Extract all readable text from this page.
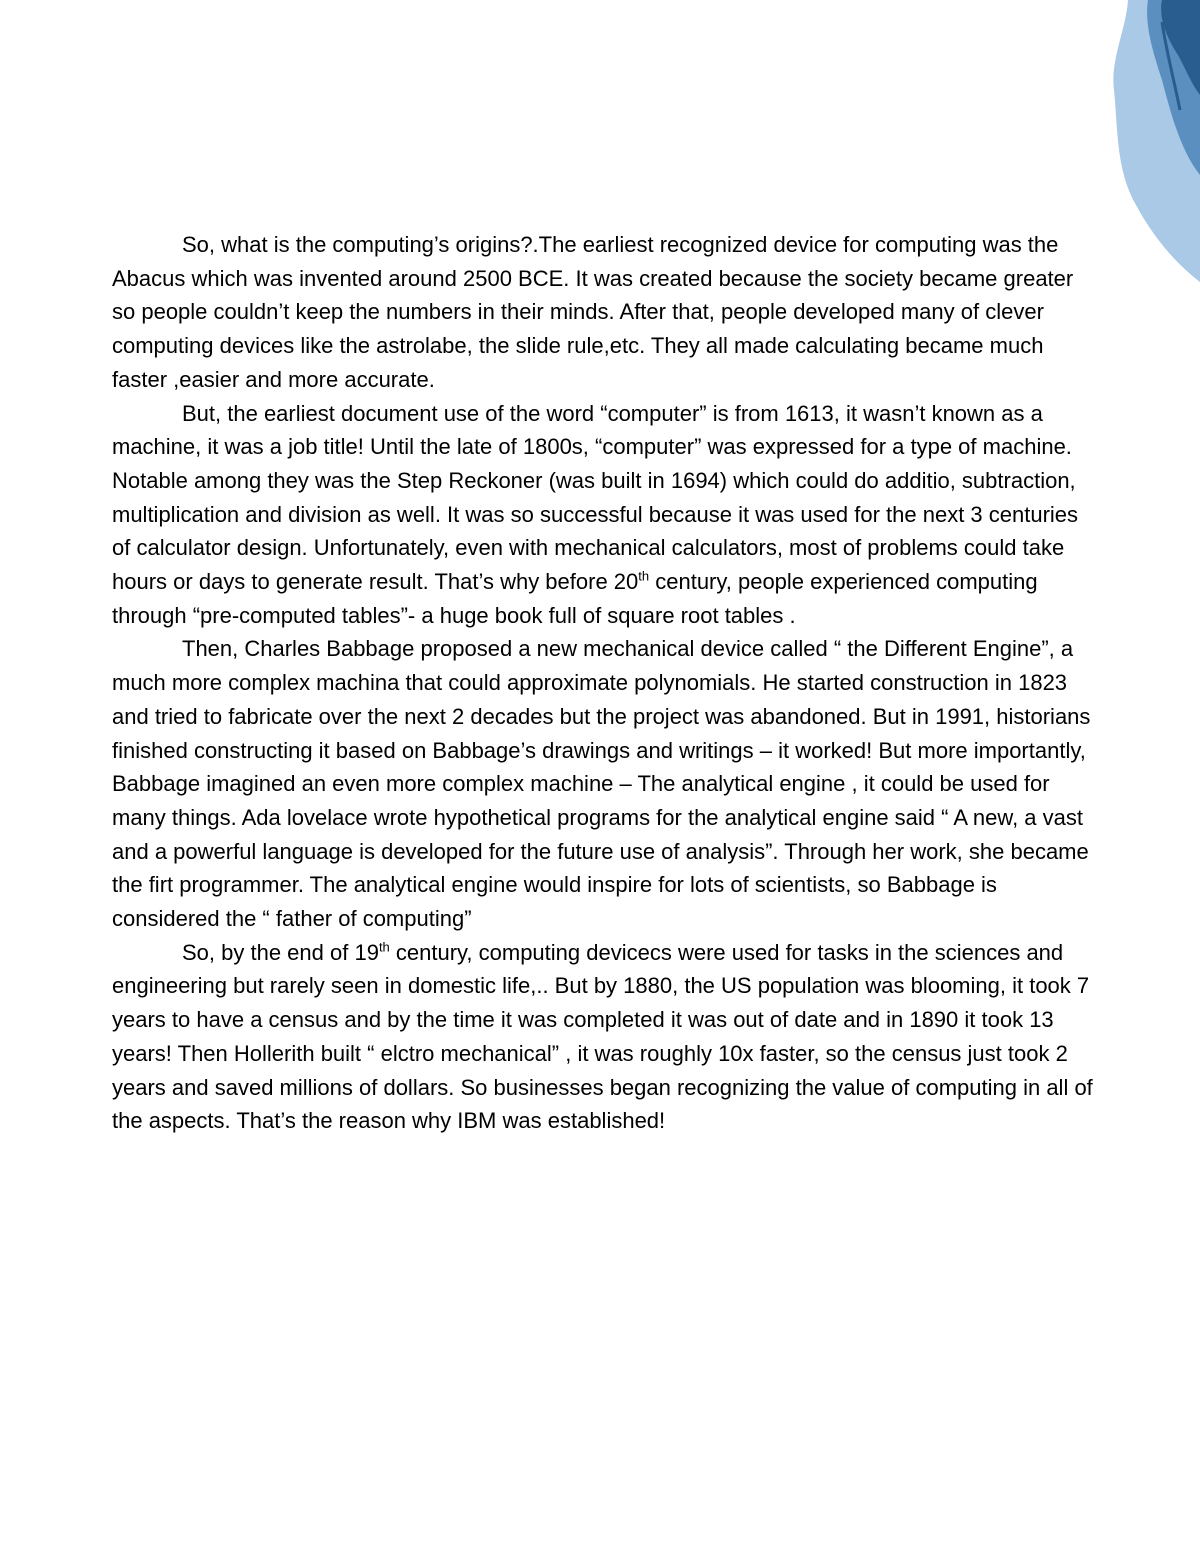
So, what is the computing’s origins?.The earliest recognized device for computing was the Abacus which was invented around 2500 BCE. It was created because the society became greater so people couldn’t keep the numbers in their minds. After that, people developed many of clever computing devices like the astrolabe, the slide rule,etc. They all made calculating became much faster ,easier and more accurate.

But, the earliest document use of the word “computer” is from 1613, it wasn’t known as a machine, it was a job title! Until the late of 1800s, “computer” was expressed for a type of machine. Notable among they was the Step Reckoner (was built in 1694) which could do additio, subtraction, multiplication and division as well. It was so successful because it was used for the next 3 centuries of calculator design. Unfortunately, even with mechanical calculators, most of problems could take hours or days to generate result. That’s why before 20th century, people experienced computing through “pre-computed tables”- a huge book full of square root tables .

Then, Charles Babbage proposed a new mechanical device called “ the Different Engine”, a much more complex machina that could approximate polynomials. He started construction in 1823 and tried to fabricate over the next 2 decades but the project was abandoned. But in 1991, historians finished constructing it based on Babbage’s drawings and writings – it worked! But more importantly, Babbage imagined an even more complex machine – The analytical engine , it could be used for many things. Ada lovelace wrote hypothetical programs for the analytical engine said “ A new, a vast and a powerful language is developed for the future use of analysis”. Through her work, she became the firt programmer. The analytical engine would inspire for lots of scientists, so Babbage is considered the “ father of computing”

So, by the end of 19th century, computing devicecs were used for tasks in the sciences and engineering but rarely seen in domestic life,.. But by 1880, the US population was blooming, it took 7 years to have a census and by the time it was completed it was out of date and in 1890 it took 13 years! Then Hollerith built “ elctro mechanical” , it was roughly 10x faster, so the census just took 2 years and saved millions of dollars. So businesses began recognizing the value of computing in all of the aspects. That’s the reason why IBM was established!
